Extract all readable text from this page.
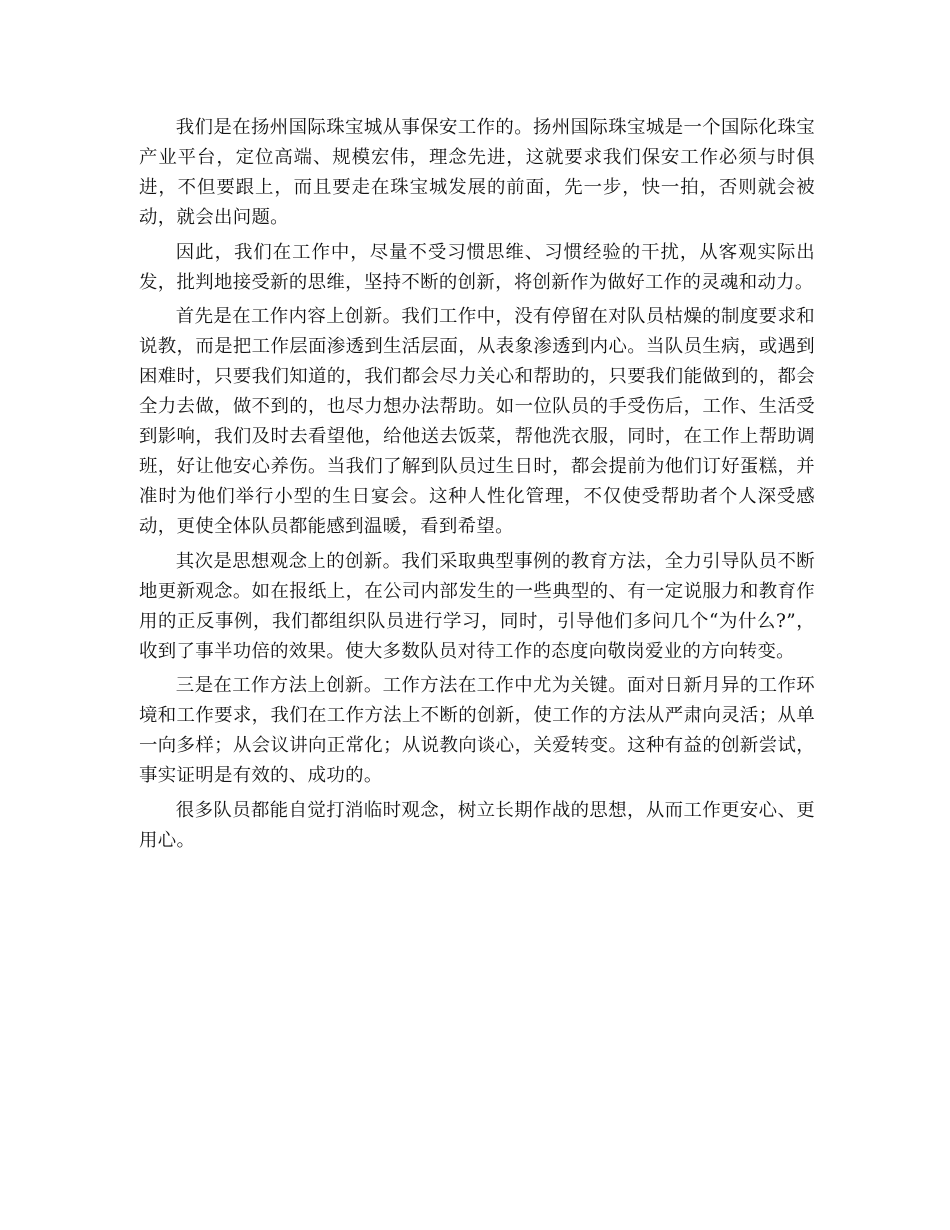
我们是在扬州国际珠宝城从事保安工作的。扬州国际珠宝城是一个国际化珠宝产业平台，定位高端、规模宏伟，理念先进，这就要求我们保安工作必须与时俱进，不但要跟上，而且要走在珠宝城发展的前面，先一步，快一拍，否则就会被动，就会出问题。

因此，我们在工作中，尽量不受习惯思维、习惯经验的干扰，从客观实际出发，批判地接受新的思维，坚持不断的创新，将创新作为做好工作的灵魂和动力。

首先是在工作内容上创新。我们工作中，没有停留在对队员枯燥的制度要求和说教，而是把工作层面渗透到生活层面，从表象渗透到内心。当队员生病，或遇到困难时，只要我们知道的，我们都会尽力关心和帮助的，只要我们能做到的，都会全力去做，做不到的，也尽力想办法帮助。如一位队员的手受伤后，工作、生活受到影响，我们及时去看望他，给他送去饭菜，帮他洗衣服，同时，在工作上帮助调班，好让他安心养伤。当我们了解到队员过生日时，都会提前为他们订好蛋糕，并准时为他们举行小型的生日宴会。这种人性化管理，不仅使受帮助者个人深受感动，更使全体队员都能感到温暖，看到希望。

其次是思想观念上的创新。我们采取典型事例的教育方法，全力引导队员不断地更新观念。如在报纸上，在公司内部发生的一些典型的、有一定说服力和教育作用的正反事例，我们都组织队员进行学习，同时，引导他们多问几个“为什么?”，收到了事半功倍的效果。使大多数队员对待工作的态度向敬岗爱业的方向转变。

三是在工作方法上创新。工作方法在工作中尤为关键。面对日新月异的工作环境和工作要求，我们在工作方法上不断的创新，使工作的方法从严肃向灵活；从单一向多样；从会议讲向正常化；从说教向谈心，关爱转变。这种有益的创新尝试，事实证明是有效的、成功的。

很多队员都能自觉打消临时观念，树立长期作战的思想，从而工作更安心、更用心。
